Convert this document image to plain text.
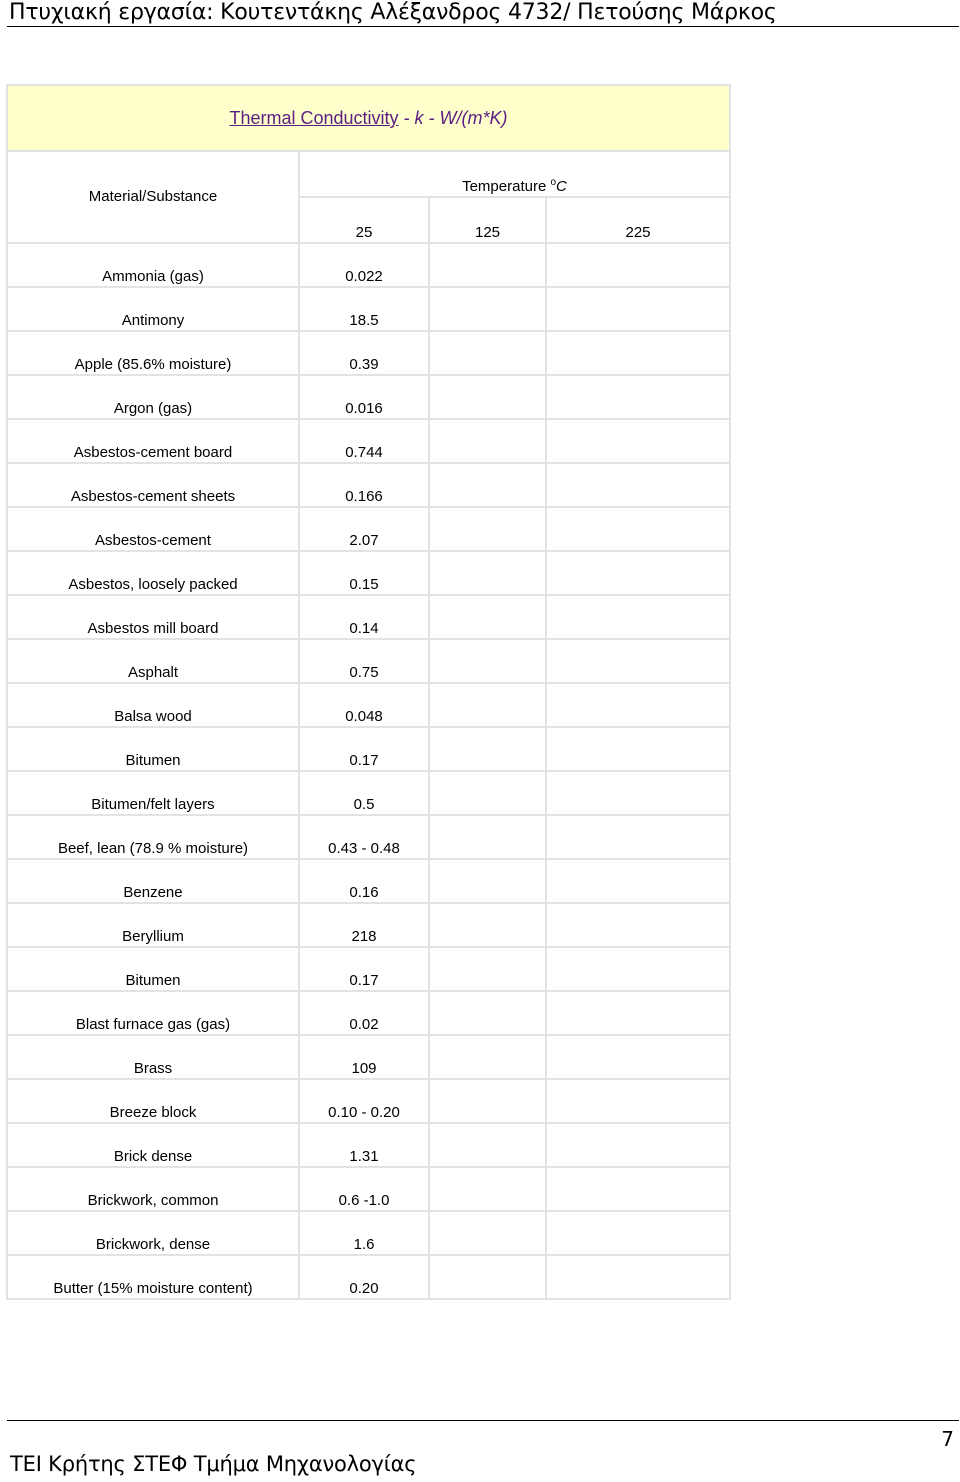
Πτυχιακή εργασία: Κουτεντάκης Αλέξανδρος 4732/ Πετούσης Μάρκος
Thermal Conductivity - k - W/(m*K)			
Material/Substance	Temperature $^o$C		
	25	125	225
Ammonia (gas)	0.022		
Antimony	18.5		
Apple (85.6% moisture)	0.39		
Argon (gas)	0.016		
Asbestos-cement board	0.744		
Asbestos-cement sheets	0.166		
Asbestos-cement	2.07		
Asbestos, loosely packed	0.15		
Asbestos mill board	0.14		
Asphalt	0.75		
Balsa wood	0.048		
Bitumen	0.17		
Bitumen/felt layers	0.5		
Beef, lean (78.9 % moisture)	0.43 - 0.48		
Benzene	0.16		
Beryllium	218		
Bitumen	0.17		
Blast furnace gas (gas)	0.02		
Brass	109		
Breeze block	0.10 - 0.20		
Brick dense	1.31		
Brickwork, common	0.6 -1.0		
Brickwork, dense	1.6		
Butter (15% moisture content)	0.20		
7
ΤΕΙ Κρήτης ΣΤΕΦ Τμήμα Μηχανολογίας
